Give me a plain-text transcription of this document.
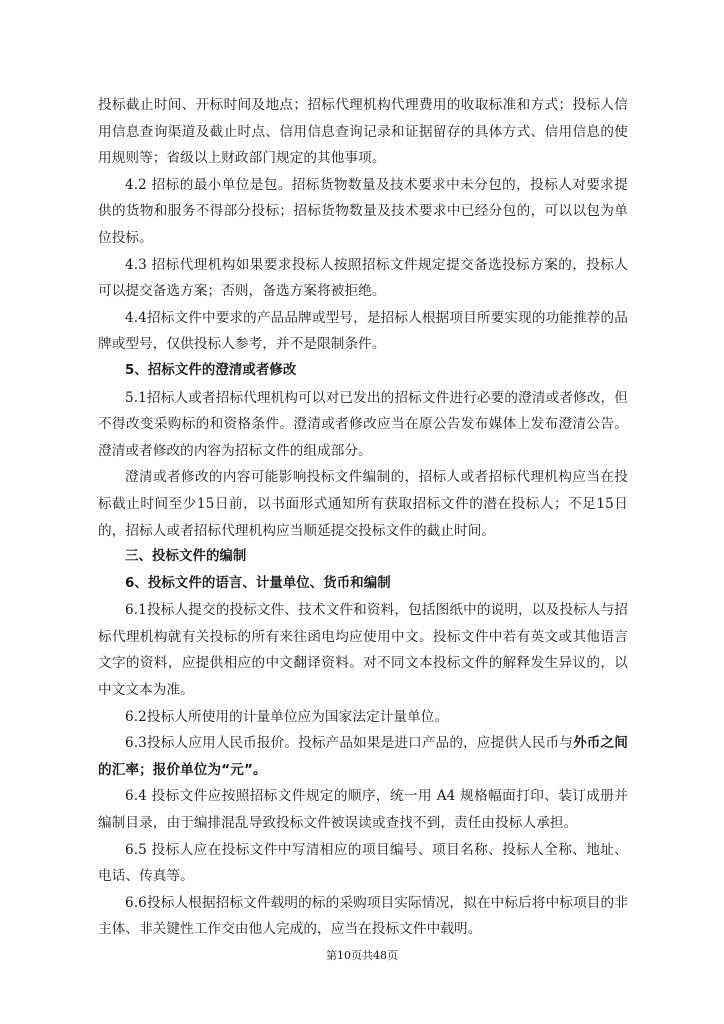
投标截止时间、开标时间及地点；招标代理机构代理费用的收取标准和方式；投标人信用信息查询渠道及截止时点、信用信息查询记录和证据留存的具体方式、信用信息的使用规则等；省级以上财政部门规定的其他事项。

4.2 招标的最小单位是包。招标货物数量及技术要求中未分包的，投标人对要求提供的货物和服务不得部分投标；招标货物数量及技术要求中已经分包的，可以以包为单位投标。

4.3 招标代理机构如果要求投标人按照招标文件规定提交备选投标方案的，投标人可以提交备选方案；否则，备选方案将被拒绝。

4.4招标文件中要求的产品品牌或型号，是招标人根据项目所要实现的功能推荐的品牌或型号，仅供投标人参考，并不是限制条件。

5、招标文件的澄清或者修改

5.1招标人或者招标代理机构可以对已发出的招标文件进行必要的澄清或者修改，但不得改变采购标的和资格条件。澄清或者修改应当在原公告发布媒体上发布澄清公告。澄清或者修改的内容为招标文件的组成部分。

澄清或者修改的内容可能影响投标文件编制的，招标人或者招标代理机构应当在投标截止时间至少15日前，以书面形式通知所有获取招标文件的潜在投标人；不足15日的，招标人或者招标代理机构应当顺延提交投标文件的截止时间。

三、投标文件的编制

6、投标文件的语言、计量单位、货币和编制

6.1投标人提交的投标文件、技术文件和资料，包括图纸中的说明，以及投标人与招标代理机构就有关投标的所有来往函电均应使用中文。投标文件中若有英文或其他语言文字的资料，应提供相应的中文翻译资料。对不同文本投标文件的解释发生异议的，以中文文本为准。

6.2投标人所使用的计量单位应为国家法定计量单位。

6.3投标人应用人民币报价。投标产品如果是进口产品的，应提供人民币与外币之间的汇率；报价单位为“元”。

6.4 投标文件应按照招标文件规定的顺序，统一用 A4 规格幅面打印、装订成册并编制目录，由于编排混乱导致投标文件被误读或查找不到，责任由投标人承担。

6.5 投标人应在投标文件中写清相应的项目编号、项目名称、投标人全称、地址、电话、传真等。

6.6投标人根据招标文件载明的标的采购项目实际情况，拟在中标后将中标项目的非主体、非关键性工作交由他人完成的，应当在投标文件中载明。

第10页共48页
